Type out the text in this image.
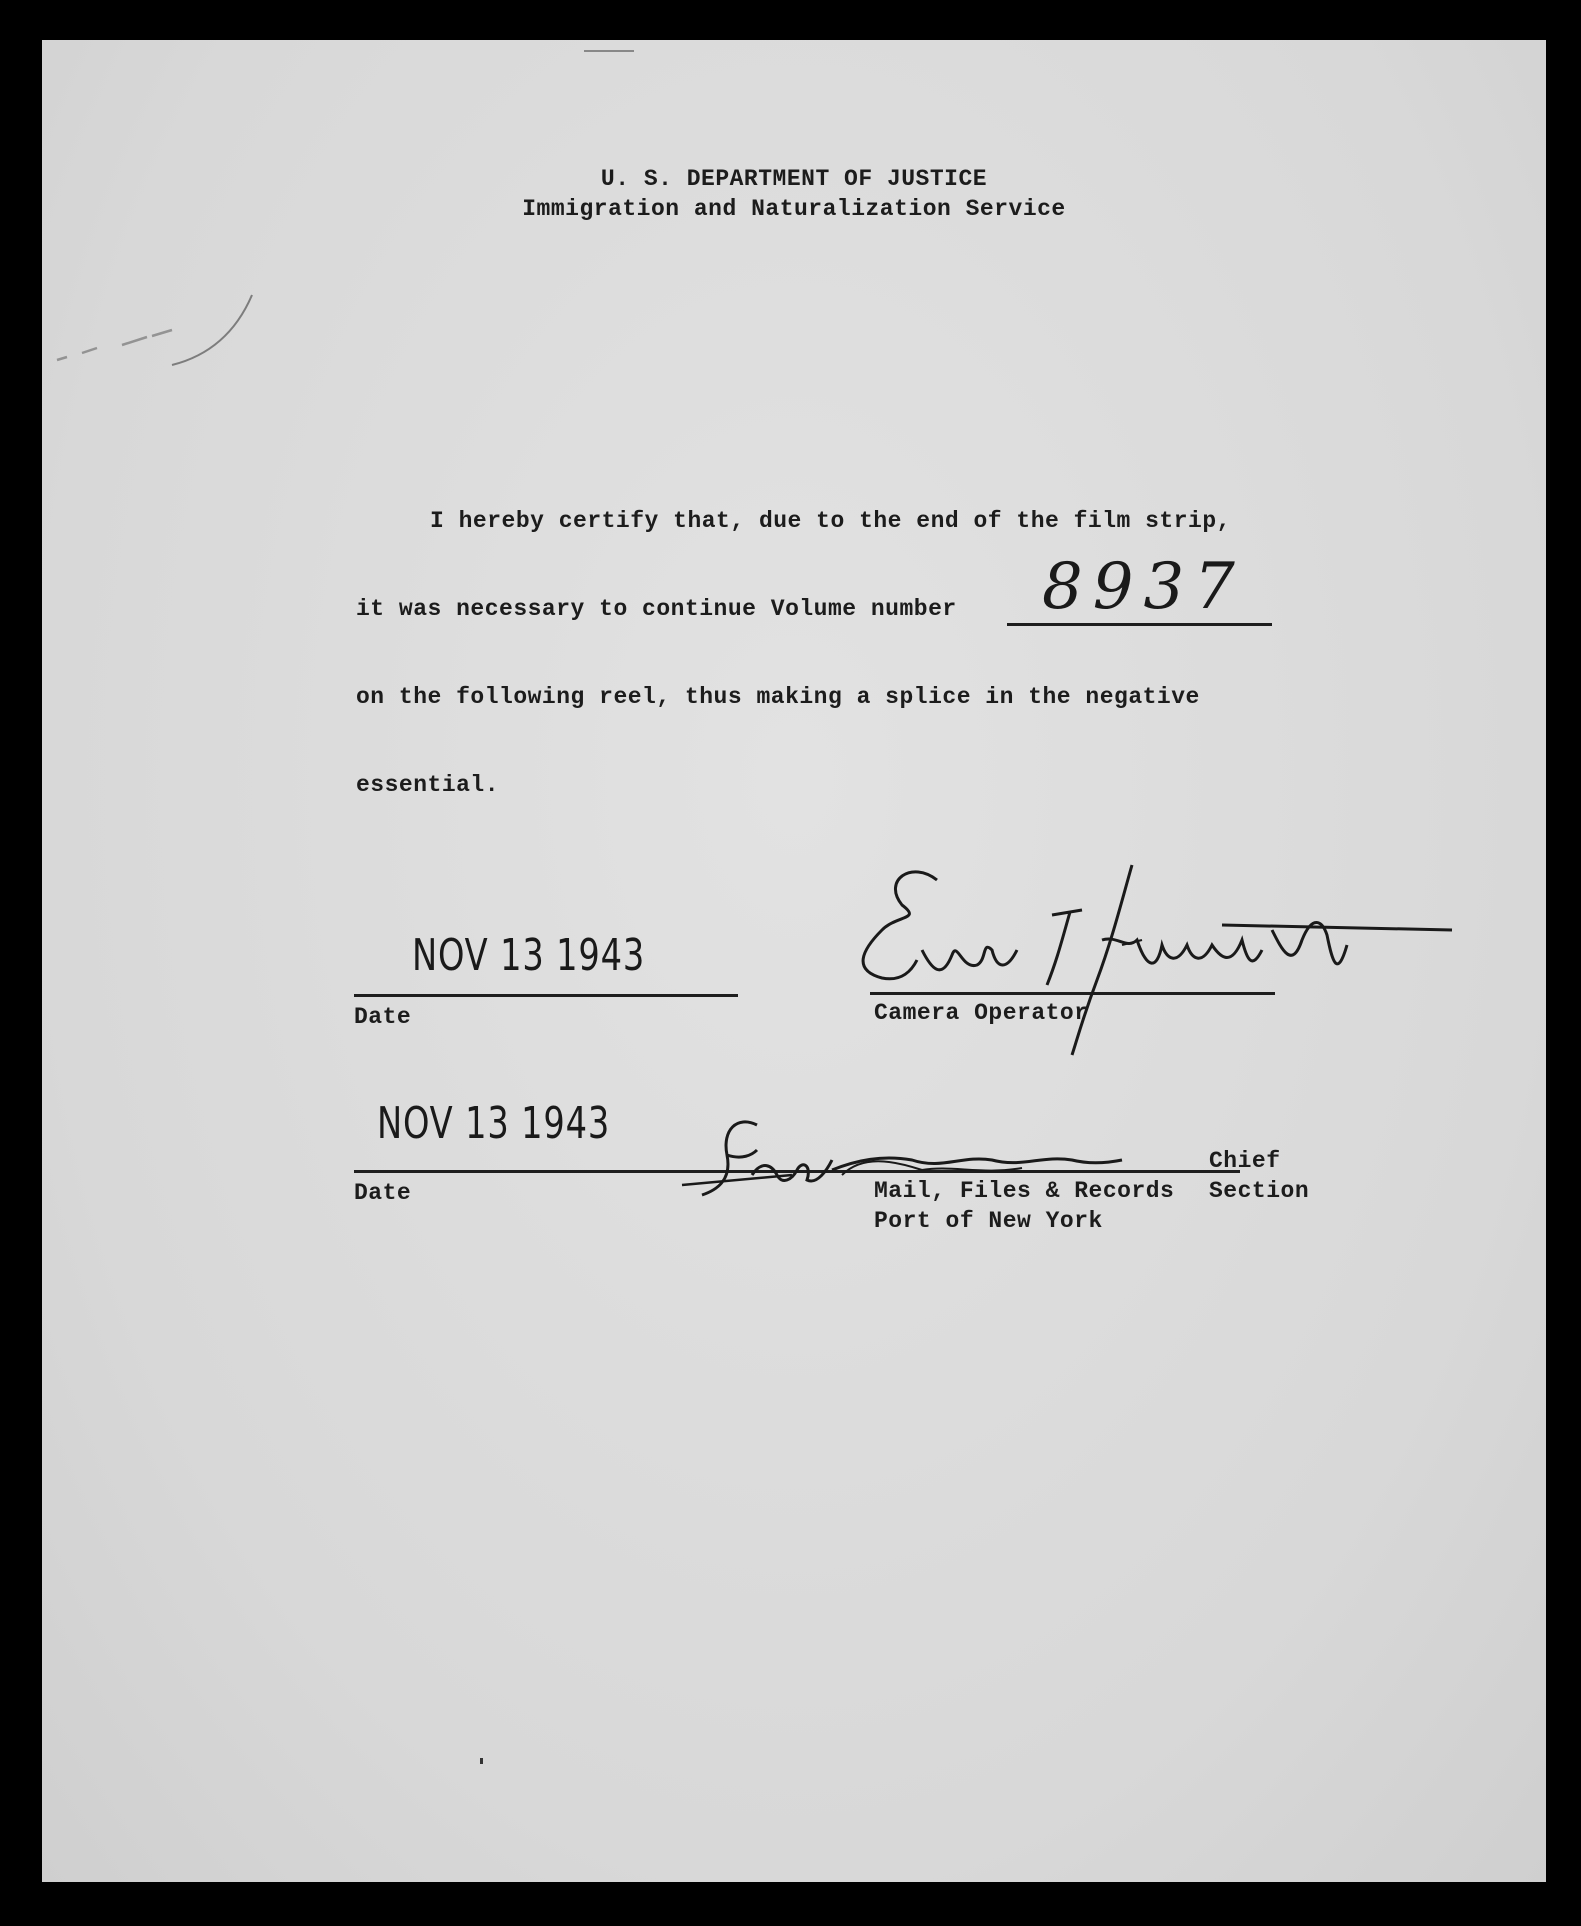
U. S. DEPARTMENT OF JUSTICE
Immigration and Naturalization Service
I hereby certify that, due to the end of the film strip,
it was necessary to continue Volume number 8937
on the following reel, thus making a splice in the negative
essential.
NOV 13 1943
Date	Camera Operator
NOV 13 1943
Date
Chief
Section
Mail, Files & Records
Port of New York
